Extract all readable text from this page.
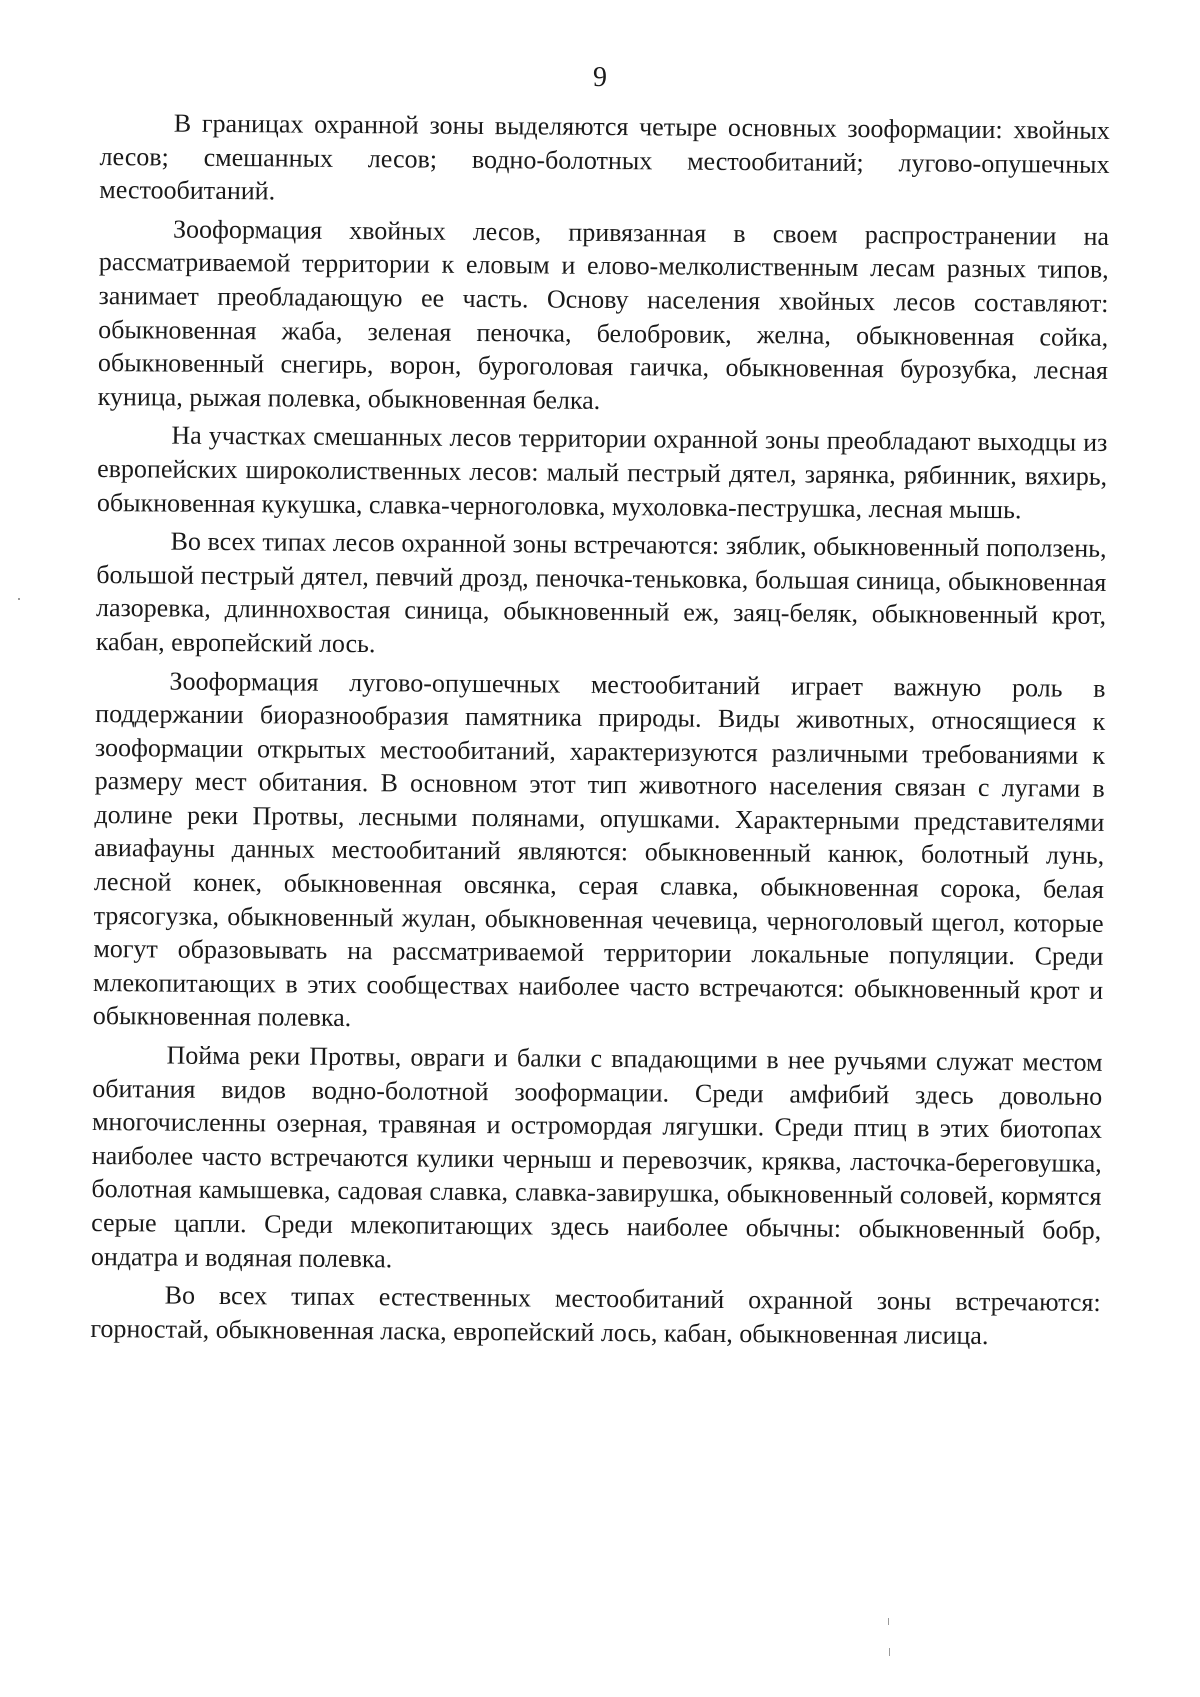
9

В границах охранной зоны выделяются четыре основных зооформации: хвойных лесов; смешанных лесов; водно-болотных местообитаний; лугово-опушечных местообитаний.

Зооформация хвойных лесов, привязанная в своем распространении на рассматриваемой территории к еловым и елово-мелколиственным лесам разных типов, занимает преобладающую ее часть. Основу населения хвойных лесов составляют: обыкновенная жаба, зеленая пеночка, белобровик, желна, обыкновенная сойка, обыкновенный снегирь, ворон, буроголовая гаичка, обыкновенная бурозубка, лесная куница, рыжая полевка, обыкновенная белка.

На участках смешанных лесов территории охранной зоны преобладают выходцы из европейских широколиственных лесов: малый пестрый дятел, зарянка, рябинник, вяхирь, обыкновенная кукушка, славка-черноголовка, мухоловка-пеструшка, лесная мышь.

Во всех типах лесов охранной зоны встречаются: зяблик, обыкновенный поползень, большой пестрый дятел, певчий дрозд, пеночка-теньковка, большая синица, обыкновенная лазоревка, длиннохвостая синица, обыкновенный еж, заяц-беляк, обыкновенный крот, кабан, европейский лось.

Зооформация лугово-опушечных местообитаний играет важную роль в поддержании биоразнообразия памятника природы. Виды животных, относящиеся к зооформации открытых местообитаний, характеризуются различными требованиями к размеру мест обитания. В основном этот тип животного населения связан с лугами в долине реки Протвы, лесными полянами, опушками. Характерными представителями авиафауны данных местообитаний являются: обыкновенный канюк, болотный лунь, лесной конек, обыкновенная овсянка, серая славка, обыкновенная сорока, белая трясогузка, обыкновенный жулан, обыкновенная чечевица, черноголовый щегол, которые могут образовывать на рассматриваемой территории локальные популяции. Среди млекопитающих в этих сообществах наиболее часто встречаются: обыкновенный крот и обыкновенная полевка.

Пойма реки Протвы, овраги и балки с впадающими в нее ручьями служат местом обитания видов водно-болотной зооформации. Среди амфибий здесь довольно многочисленны озерная, травяная и остромордая лягушки. Среди птиц в этих биотопах наиболее часто встречаются кулики черныш и перевозчик, кряква, ласточка-береговушка, болотная камышевка, садовая славка, славка-завирушка, обыкновенный соловей, кормятся серые цапли. Среди млекопитающих здесь наиболее обычны: обыкновенный бобр, ондатра и водяная полевка.

Во всех типах естественных местообитаний охранной зоны встречаются: горностай, обыкновенная ласка, европейский лось, кабан, обыкновенная лисица.
